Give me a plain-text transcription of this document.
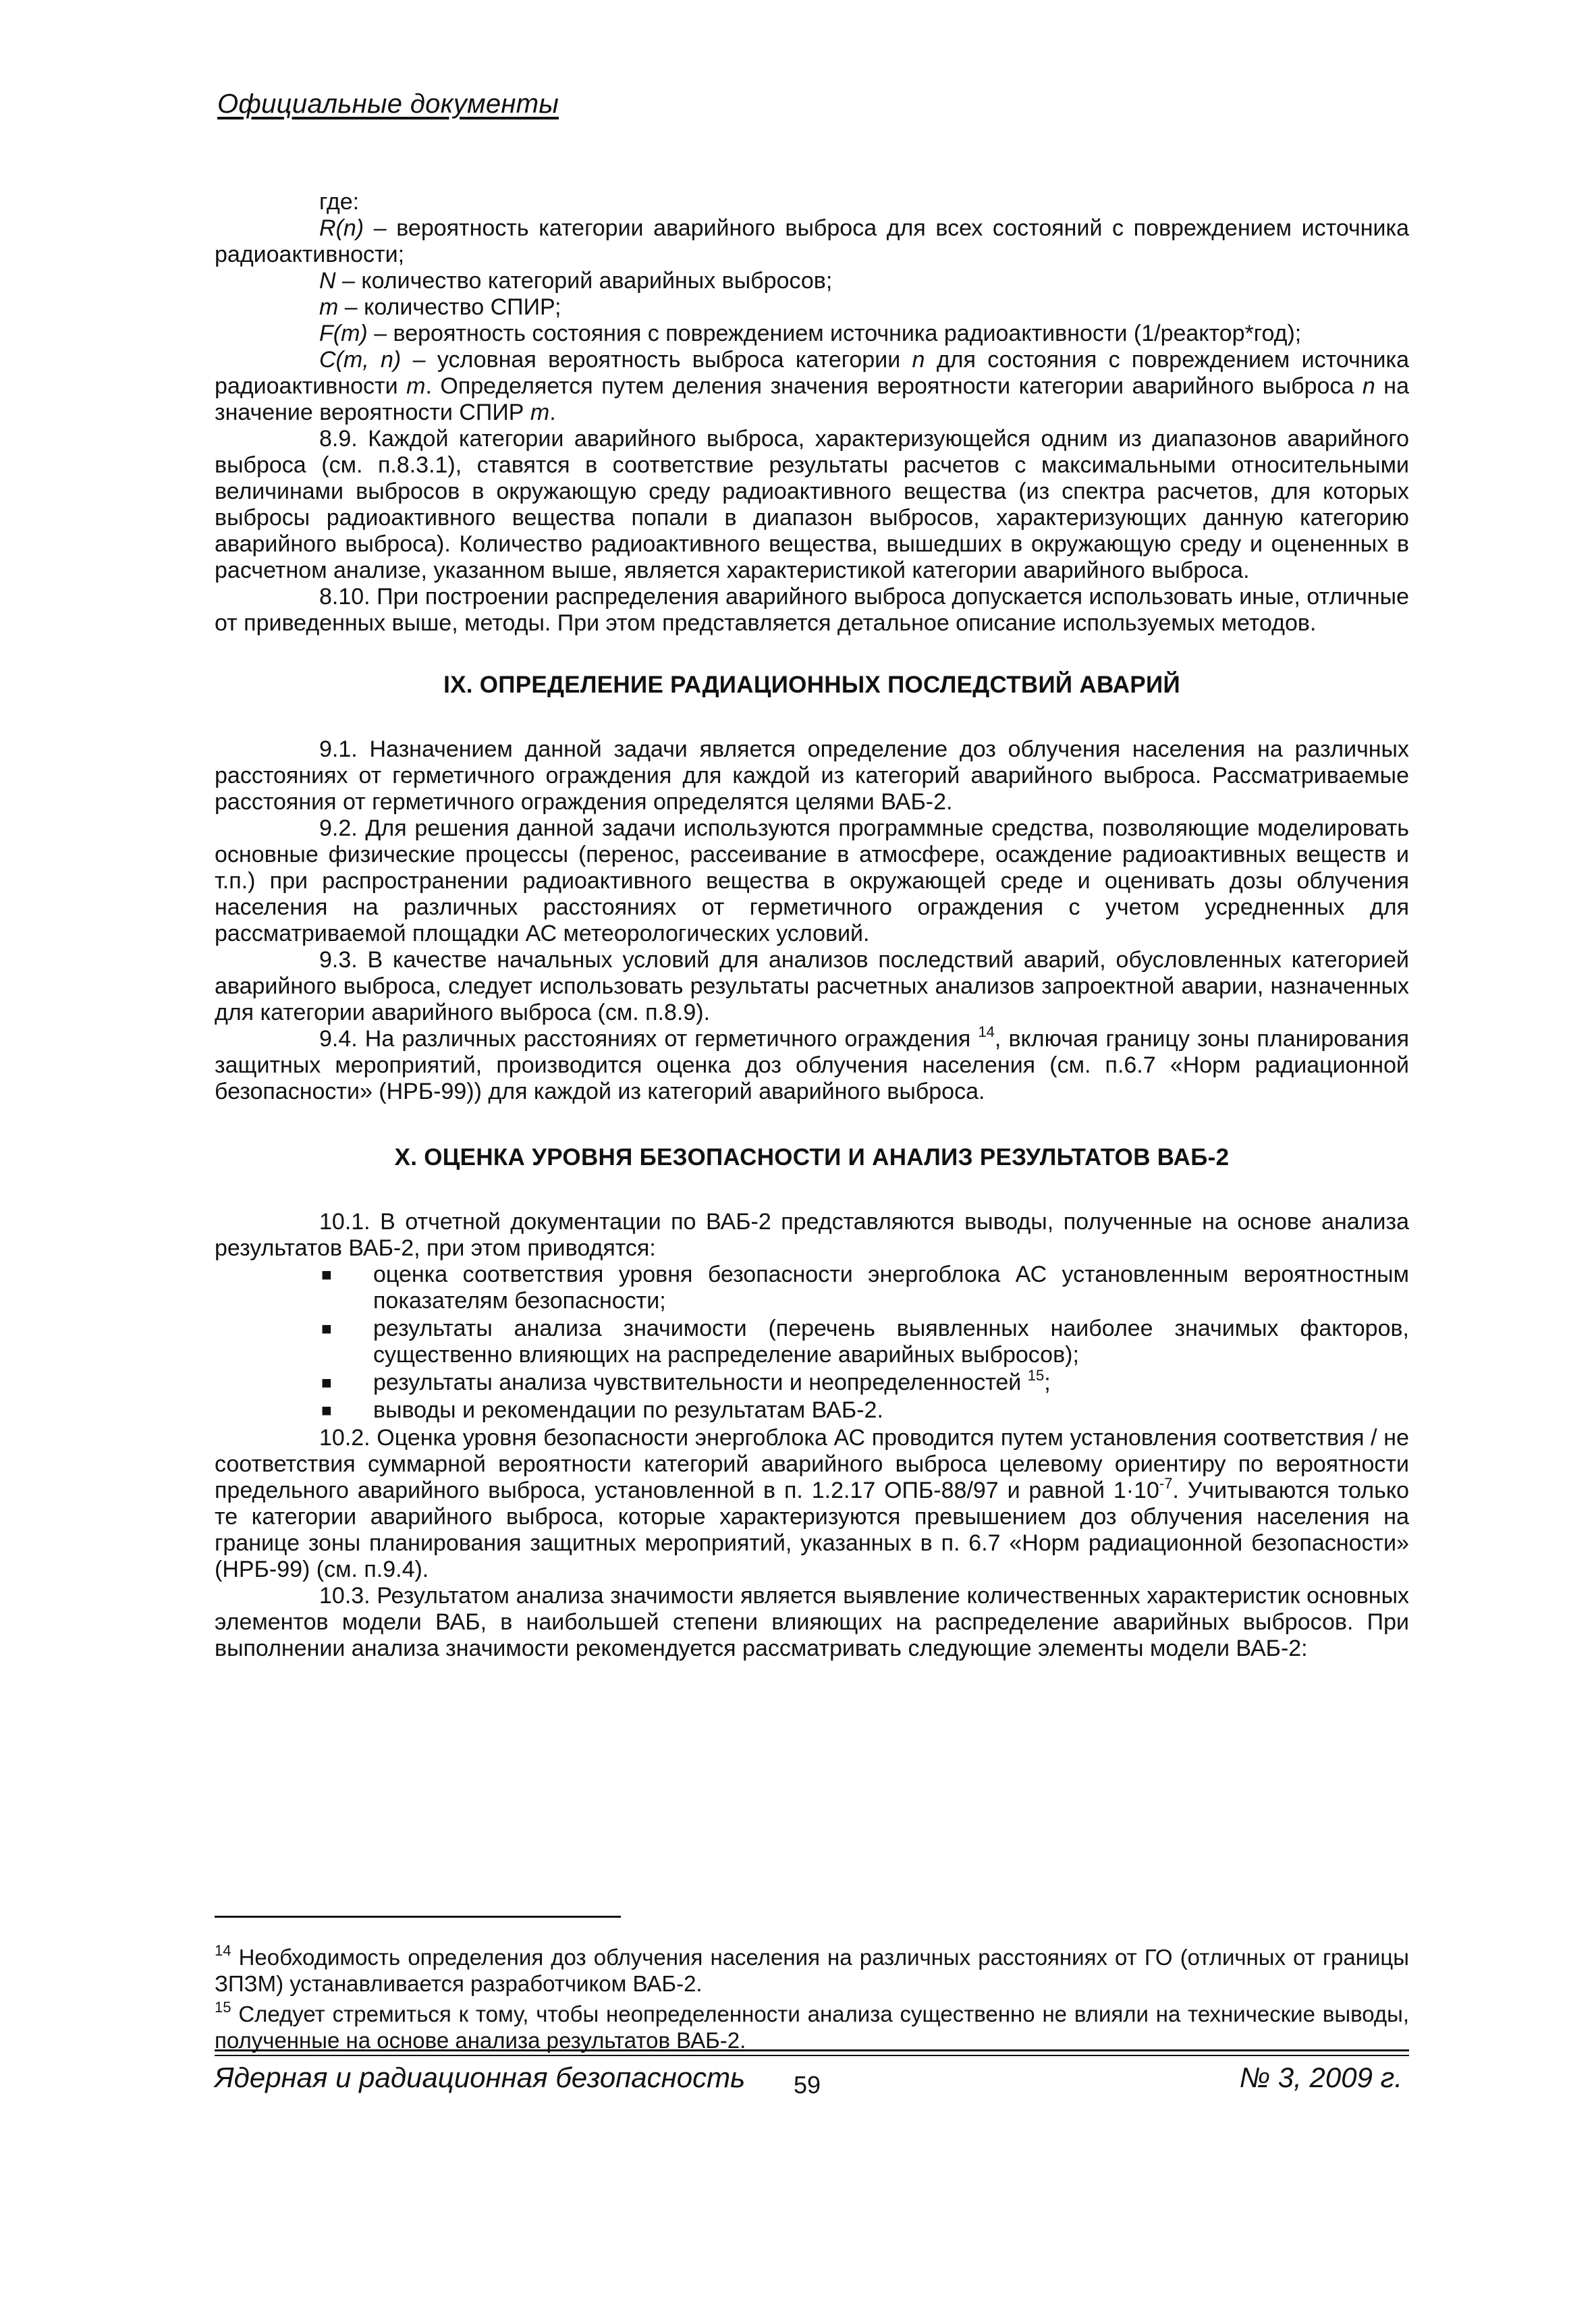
Официальные документы

где:

R(n) – вероятность категории аварийного выброса для всех состояний с повреждением источника радиоактивности;

N – количество категорий аварийных выбросов;

m – количество СПИР;

F(m) – вероятность состояния с повреждением источника радиоактивности (1/реактор*год);

C(m, n) – условная вероятность выброса категории n для состояния с повреждением источника радиоактивности m. Определяется путем деления значения вероятности категории аварийного выброса n на значение вероятности СПИР m.

8.9. Каждой категории аварийного выброса, характеризующейся одним из диапазонов аварийного выброса (см. п.8.3.1), ставятся в соответствие результаты расчетов с максимальными относительными величинами выбросов в окружающую среду радиоактивного вещества (из спектра расчетов, для которых выбросы радиоактивного вещества попали в диапазон выбросов, характеризующих данную категорию аварийного выброса). Количество радиоактивного вещества, вышедших в окружающую среду и оцененных в расчетном анализе, указанном выше, является характеристикой категории аварийного выброса.

8.10. При построении распределения аварийного выброса допускается использовать иные, отличные от приведенных выше, методы. При этом представляется детальное описание используемых методов.

IX. ОПРЕДЕЛЕНИЕ РАДИАЦИОННЫХ ПОСЛЕДСТВИЙ АВАРИЙ

9.1. Назначением данной задачи является определение доз облучения населения на различных расстояниях от герметичного ограждения для каждой из категорий аварийного выброса. Рассматриваемые расстояния от герметичного ограждения определятся целями ВАБ-2.

9.2. Для решения данной задачи используются программные средства, позволяющие моделировать основные физические процессы (перенос, рассеивание в атмосфере, осаждение радиоактивных веществ и т.п.) при распространении радиоактивного вещества в окружающей среде и оценивать дозы облучения населения на различных расстояниях от герметичного ограждения с учетом усредненных для рассматриваемой площадки АС метеорологических условий.

9.3. В качестве начальных условий для анализов последствий аварий, обусловленных категорией аварийного выброса, следует использовать результаты расчетных анализов запроектной аварии, назначенных для категории аварийного выброса (см. п.8.9).

9.4. На различных расстояниях от герметичного ограждения $^{14}$, включая границу зоны планирования защитных мероприятий, производится оценка доз облучения населения (см. п.6.7 «Норм радиационной безопасности» (НРБ-99)) для каждой из категорий аварийного выброса.

X. ОЦЕНКА УРОВНЯ БЕЗОПАСНОСТИ И АНАЛИЗ РЕЗУЛЬТАТОВ ВАБ-2

10.1. В отчетной документации по ВАБ-2 представляются выводы, полученные на основе анализа результатов ВАБ-2, при этом приводятся:

■ оценка соответствия уровня безопасности энергоблока АС установленным вероятностным показателям безопасности;
■ результаты анализа значимости (перечень выявленных наиболее значимых факторов, существенно влияющих на распределение аварийных выбросов);
■ результаты анализа чувствительности и неопределенностей $^{15}$;
■ выводы и рекомендации по результатам ВАБ-2.

10.2. Оценка уровня безопасности энергоблока АС проводится путем установления соответствия / не соответствия суммарной вероятности категорий аварийного выброса целевому ориентиру по вероятности предельного аварийного выброса, установленной в п. 1.2.17 ОПБ-88/97 и равной $1\cdot 10^{-7}$. Учитываются только те категории аварийного выброса, которые характеризуются превышением доз облучения населения на границе зоны планирования защитных мероприятий, указанных в п. 6.7 «Норм радиационной безопасности» (НРБ-99) (см. п.9.4).

10.3. Результатом анализа значимости является выявление количественных характеристик основных элементов модели ВАБ, в наибольшей степени влияющих на распределение аварийных выбросов. При выполнении анализа значимости рекомендуется рассматривать следующие элементы модели ВАБ-2:

$^{14}$ Необходимость определения доз облучения населения на различных расстояниях от ГО (отличных от границы ЗПЗМ) устанавливается разработчиком ВАБ-2.

$^{15}$ Следует стремиться к тому, чтобы неопределенности анализа существенно не влияли на технические выводы, полученные на основе анализа результатов ВАБ-2.

Ядерная и радиационная безопасность 59	№ 3, 2009 г.
